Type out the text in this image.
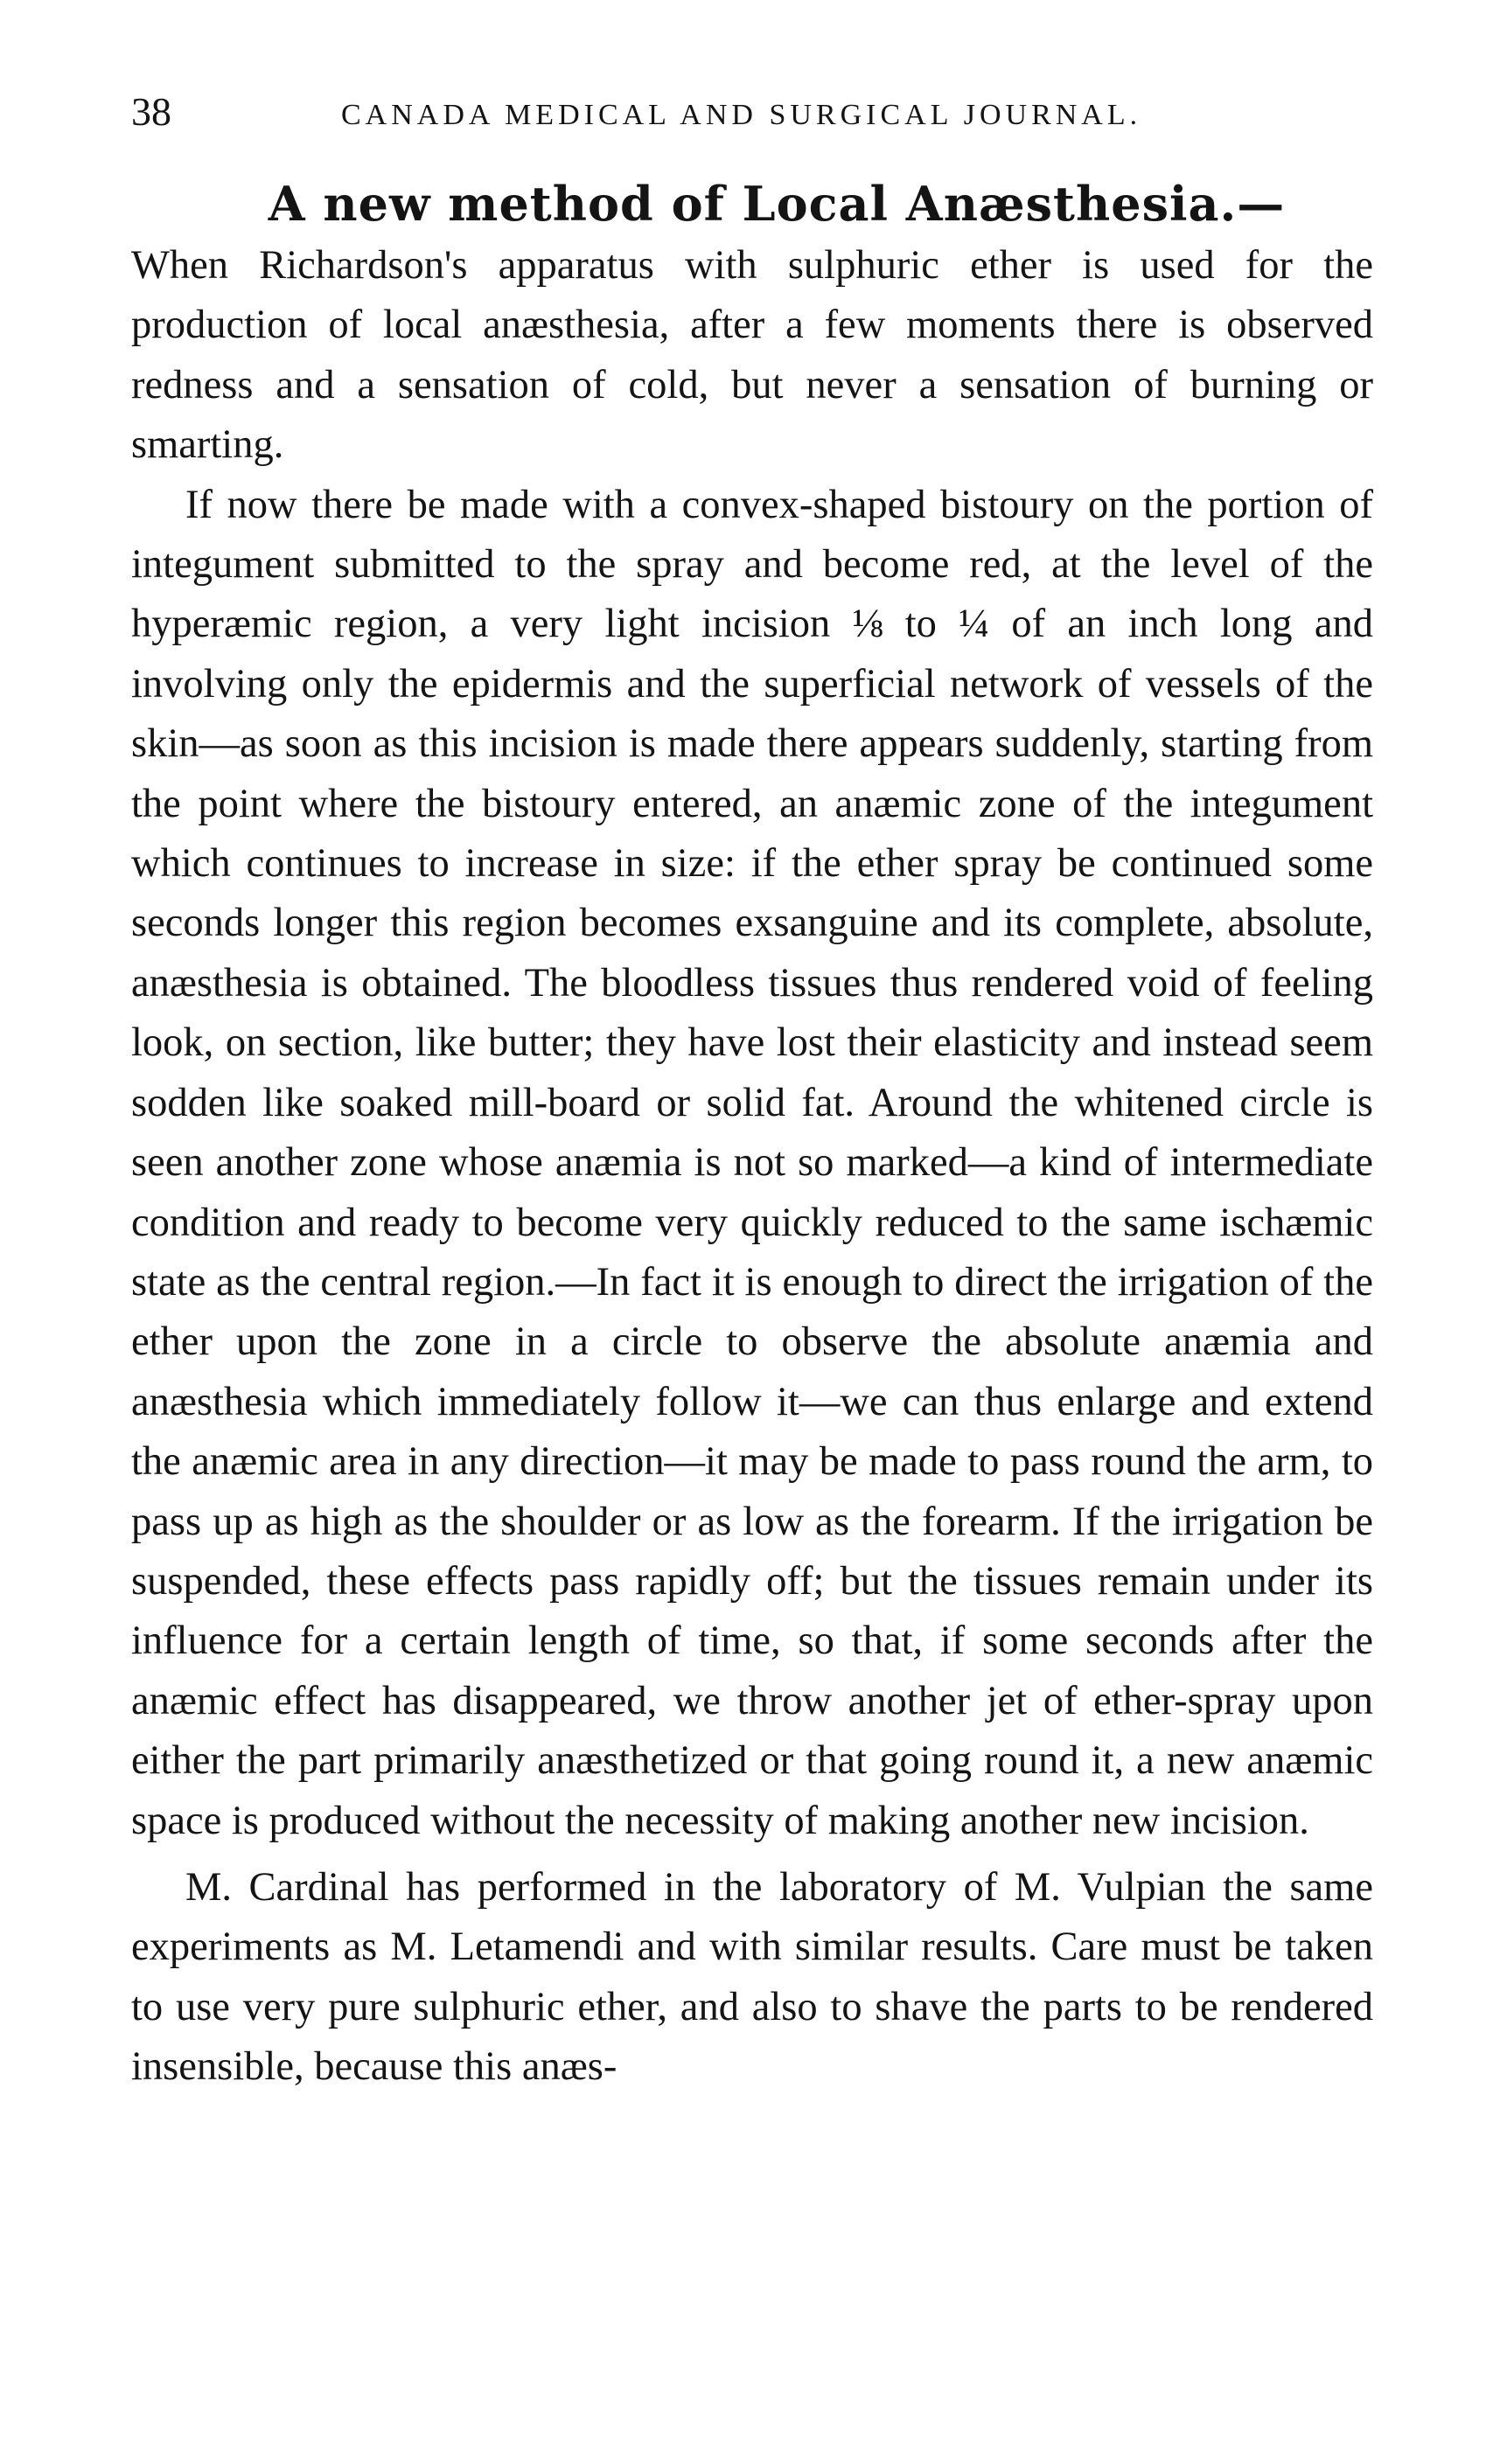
38	CANADA MEDICAL AND SURGICAL JOURNAL.
A new method of Local Anæsthesia.—

When Richardson's apparatus with sulphuric ether is used for the production of local anæsthesia, after a few moments there is observed redness and a sensation of cold, but never a sensation of burning or smarting.

If now there be made with a convex-shaped bistoury on the portion of integument submitted to the spray and become red, at the level of the hyperæmic region, a very light incision ⅛ to ¼ of an inch long and involving only the epidermis and the superficial network of vessels of the skin—as soon as this incision is made there appears suddenly, starting from the point where the bistoury entered, an anæmic zone of the integument which continues to increase in size: if the ether spray be continued some seconds longer this region becomes exsanguine and its complete, absolute, anæsthesia is obtained. The bloodless tissues thus rendered void of feeling look, on section, like butter; they have lost their elasticity and instead seem sodden like soaked mill-board or solid fat. Around the whitened circle is seen another zone whose anæmia is not so marked—a kind of intermediate condition and ready to become very quickly reduced to the same ischæmic state as the central region.—In fact it is enough to direct the irrigation of the ether upon the zone in a circle to observe the absolute anæmia and anæsthesia which immediately follow it—we can thus enlarge and extend the anæmic area in any direction—it may be made to pass round the arm, to pass up as high as the shoulder or as low as the forearm. If the irrigation be suspended, these effects pass rapidly off; but the tissues remain under its influence for a certain length of time, so that, if some seconds after the anæmic effect has disappeared, we throw another jet of ether-spray upon either the part primarily anæsthetized or that going round it, a new anæmic space is produced without the necessity of making another new incision.

M. Cardinal has performed in the laboratory of M. Vulpian the same experiments as M. Letamendi and with similar results. Care must be taken to use very pure sulphuric ether, and also to shave the parts to be rendered insensible, because this anæs-
